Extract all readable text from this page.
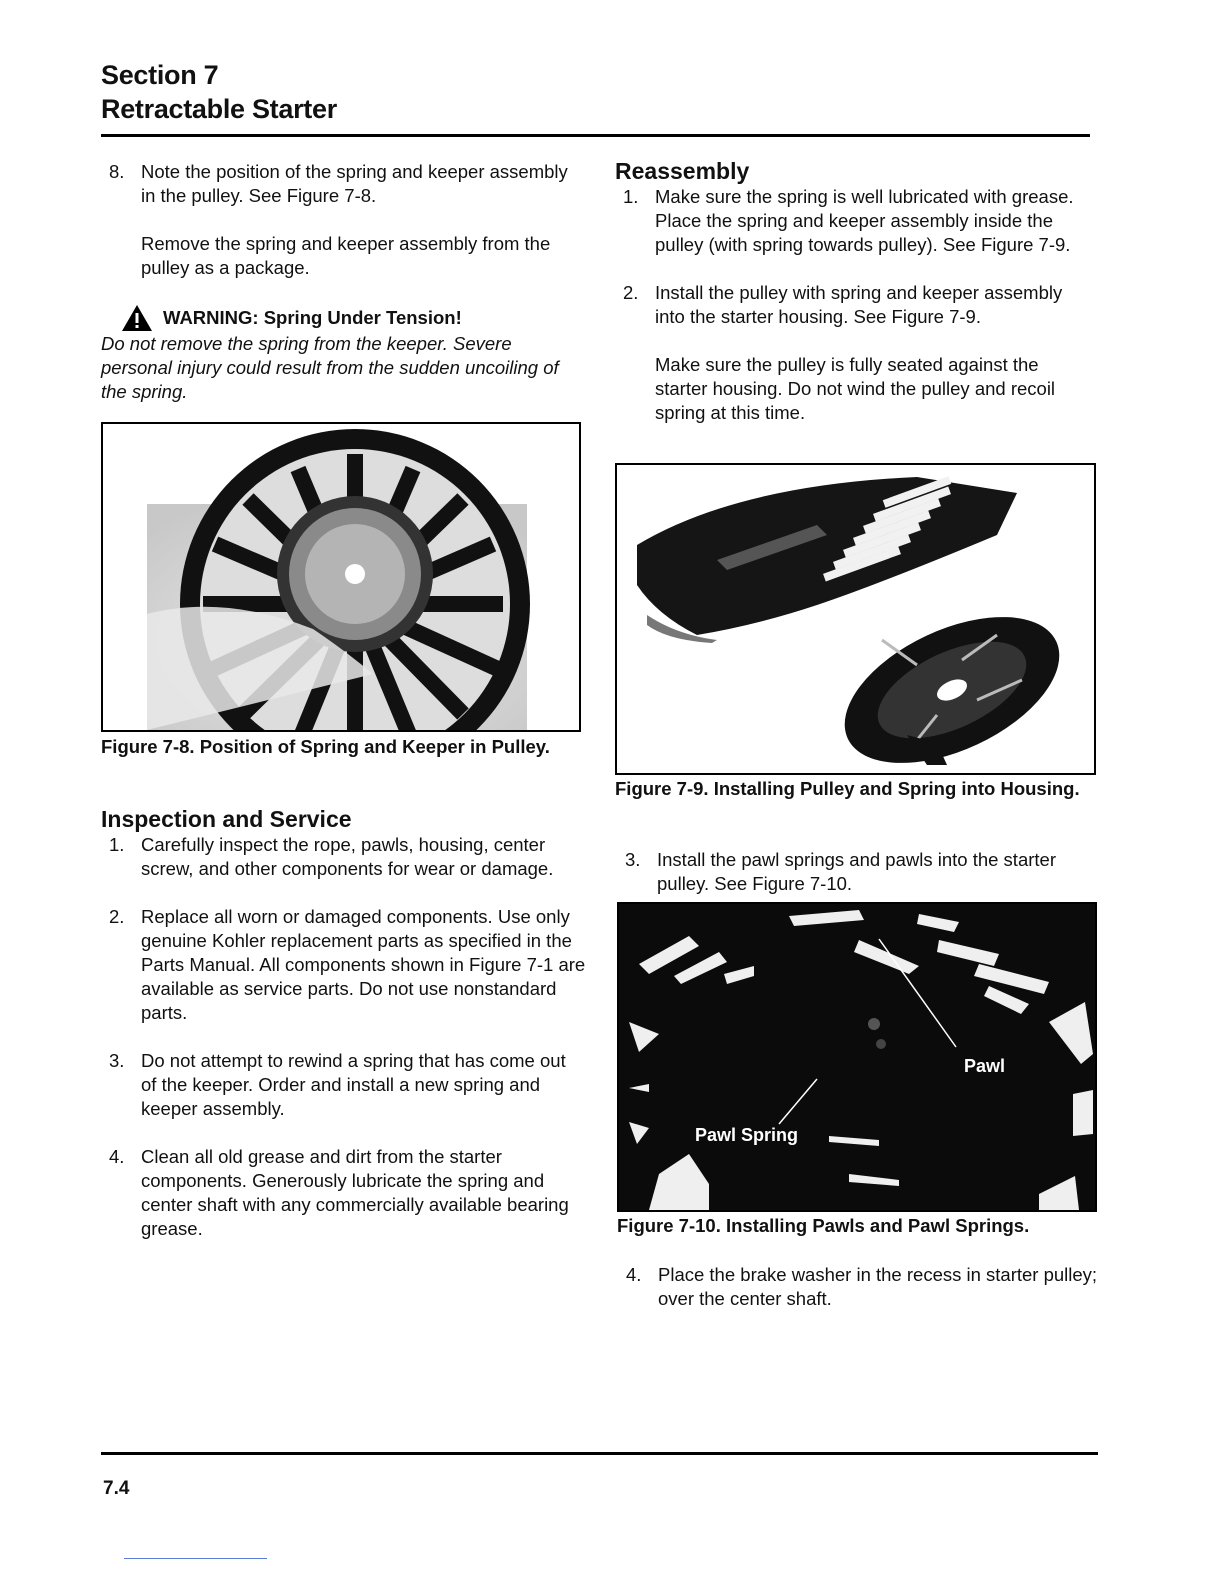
Section 7
Retractable Starter
8. Note the position of the spring and keeper assembly in the pulley. See Figure 7-8.
Remove the spring and keeper assembly from the pulley as a package.
WARNING: Spring Under Tension!
Do not remove the spring from the keeper. Severe personal injury could result from the sudden uncoiling of the spring.
Figure 7-8. Position of Spring and Keeper in Pulley.
Inspection and Service
1. Carefully inspect the rope, pawls, housing, center screw, and other components for wear or damage.
2. Replace all worn or damaged components. Use only genuine Kohler replacement parts as specified in the Parts Manual. All components shown in Figure 7-1 are available as service parts. Do not use nonstandard parts.
3. Do not attempt to rewind a spring that has come out of the keeper. Order and install a new spring and keeper assembly.
4. Clean all old grease and dirt from the starter components. Generously lubricate the spring and center shaft with any commercially available bearing grease.
Reassembly
1. Make sure the spring is well lubricated with grease. Place the spring and keeper assembly inside the pulley (with spring towards pulley). See Figure 7-9.
2. Install the pulley with spring and keeper assembly into the starter housing. See Figure 7-9.
Make sure the pulley is fully seated against the starter housing. Do not wind the pulley and recoil spring at this time.
Figure 7-9. Installing Pulley and Spring into Housing.
3. Install the pawl springs and pawls into the starter pulley. See Figure 7-10.
Pawl
Pawl Spring
Figure 7-10. Installing Pawls and Pawl Springs.
4. Place the brake washer in the recess in starter pulley; over the center shaft.
7.4
